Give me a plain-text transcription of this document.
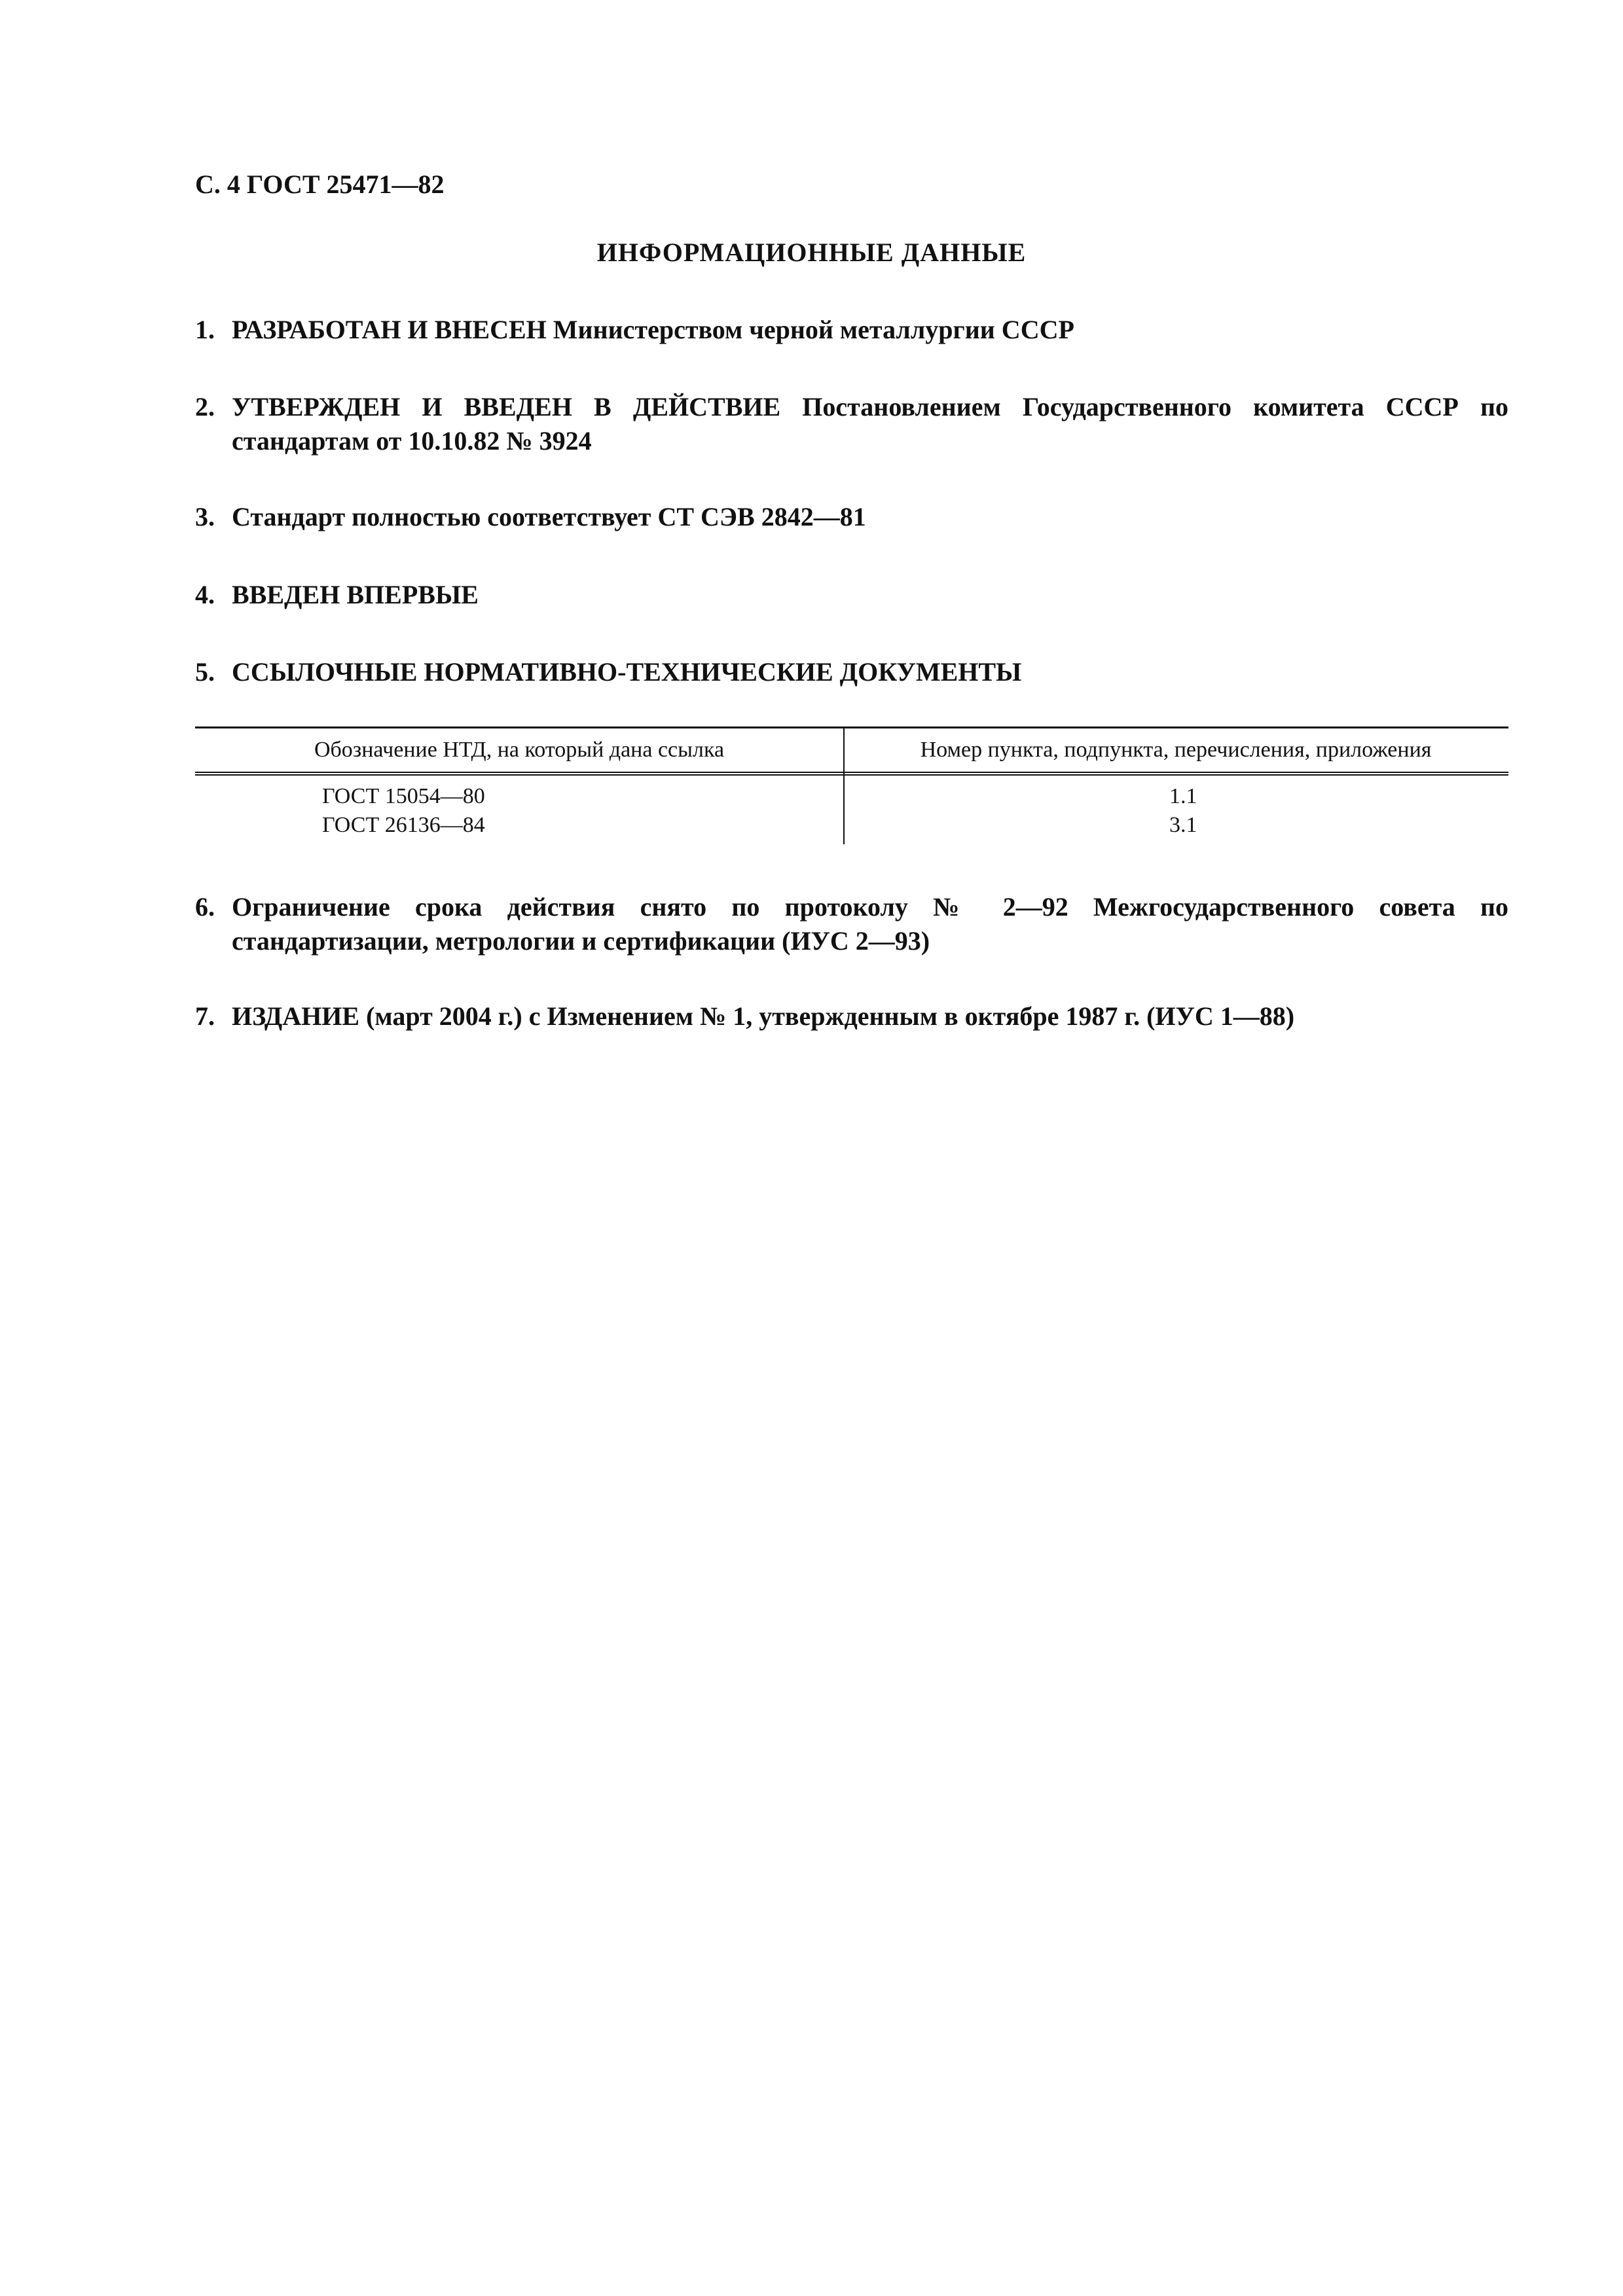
С. 4 ГОСТ 25471—82
ИНФОРМАЦИОННЫЕ ДАННЫЕ
1. РАЗРАБОТАН И ВНЕСЕН Министерством черной металлургии СССР
2. УТВЕРЖДЕН И ВВЕДЕН В ДЕЙСТВИЕ Постановлением Государственного комитета СССР по стандартам от 10.10.82 № 3924
3. Стандарт полностью соответствует СТ СЭВ 2842—81
4. ВВЕДЕН ВПЕРВЫЕ
5. ССЫЛОЧНЫЕ НОРМАТИВНО-ТЕХНИЧЕСКИЕ ДОКУМЕНТЫ
Обозначение НТД, на который дана ссылка	Номер пункта, подпункта, перечисления, приложения
ГОСТ 15054—80	1.1
ГОСТ 26136—84	3.1
6. Ограничение срока действия снято по протоколу № 2—92 Межгосударственного совета по стандартизации, метрологии и сертификации (ИУС 2—93)
7. ИЗДАНИЕ (март 2004 г.) с Изменением № 1, утвержденным в октябре 1987 г. (ИУС 1—88)
